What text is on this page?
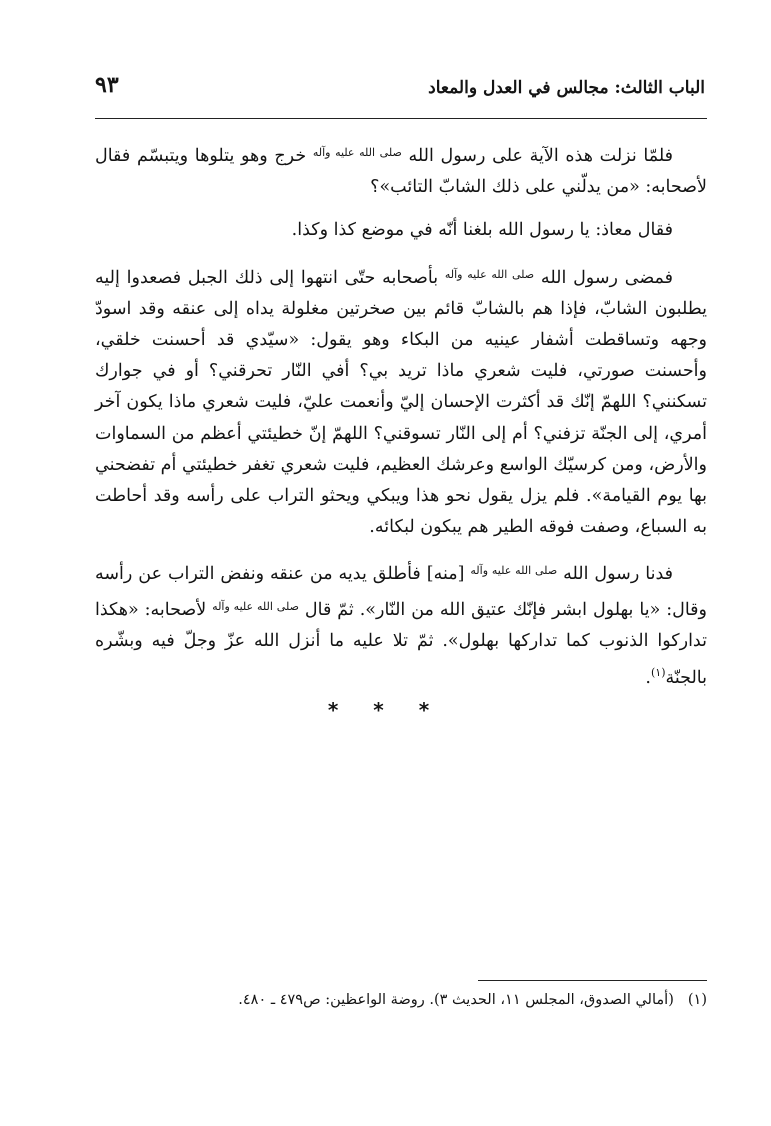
الباب الثالث: مجالس في العدل والمعاد
٩٣

فلمّا نزلت هذه الآية على رسول الله $^{صلى الله عليه وآله}$ خرج وهو يتلوها ويتبسّم فقال لأصحابه: «من يدلّني على ذلك الشابّ التائب»؟

فقال معاذ: يا رسول الله بلغنا أنّه في موضع كذا وكذا.

فمضى رسول الله $^{صلى الله عليه وآله}$ بأصحابه حتّى انتهوا إلى ذلك الجبل فصعدوا إليه يطلبون الشابّ، فإذا هم بالشابّ قائم بين صخرتين مغلولة يداه إلى عنقه وقد اسودّ وجهه وتساقطت أشفار عينيه من البكاء وهو يقول: «سيّدي قد أحسنت خلقي، وأحسنت صورتي، فليت شعري ماذا تريد بي؟ أفي النّار تحرقني؟ أو في جوارك تسكنني؟ اللهمّ إنّك قد أكثرت الإحسان إليّ وأنعمت عليّ، فليت شعري ماذا يكون آخر أمري، إلى الجنّة تزفني؟ أم إلى النّار تسوقني؟ اللهمّ إنّ خطيئتي أعظم من السماوات والأرض، ومن كرسيّك الواسع وعرشك العظيم، فليت شعري تغفر خطيئتي أم تفضحني بها يوم القيامة». فلم يزل يقول نحو هذا ويبكي ويحثو التراب على رأسه وقد أحاطت به السباع، وصفت فوقه الطير هم يبكون لبكائه.

فدنا رسول الله $^{صلى الله عليه وآله}$ [منه] فأطلق يديه من عنقه ونفض التراب عن رأسه وقال: «يا بهلول ابشر فإنّك عتيق الله من النّار». ثمّ قال $^{صلى الله عليه وآله}$ لأصحابه: «هكذا تداركوا الذنوب كما تداركها بهلول». ثمّ تلا عليه ما أنزل الله عزّ وجلّ فيه وبشّره بالجنّة$^{(١)}$.

* * *
(١)(أمالي الصدوق، المجلس ١١، الحديث ٣). روضة الواعظين: ص٤٧٩ ـ ٤٨٠.
